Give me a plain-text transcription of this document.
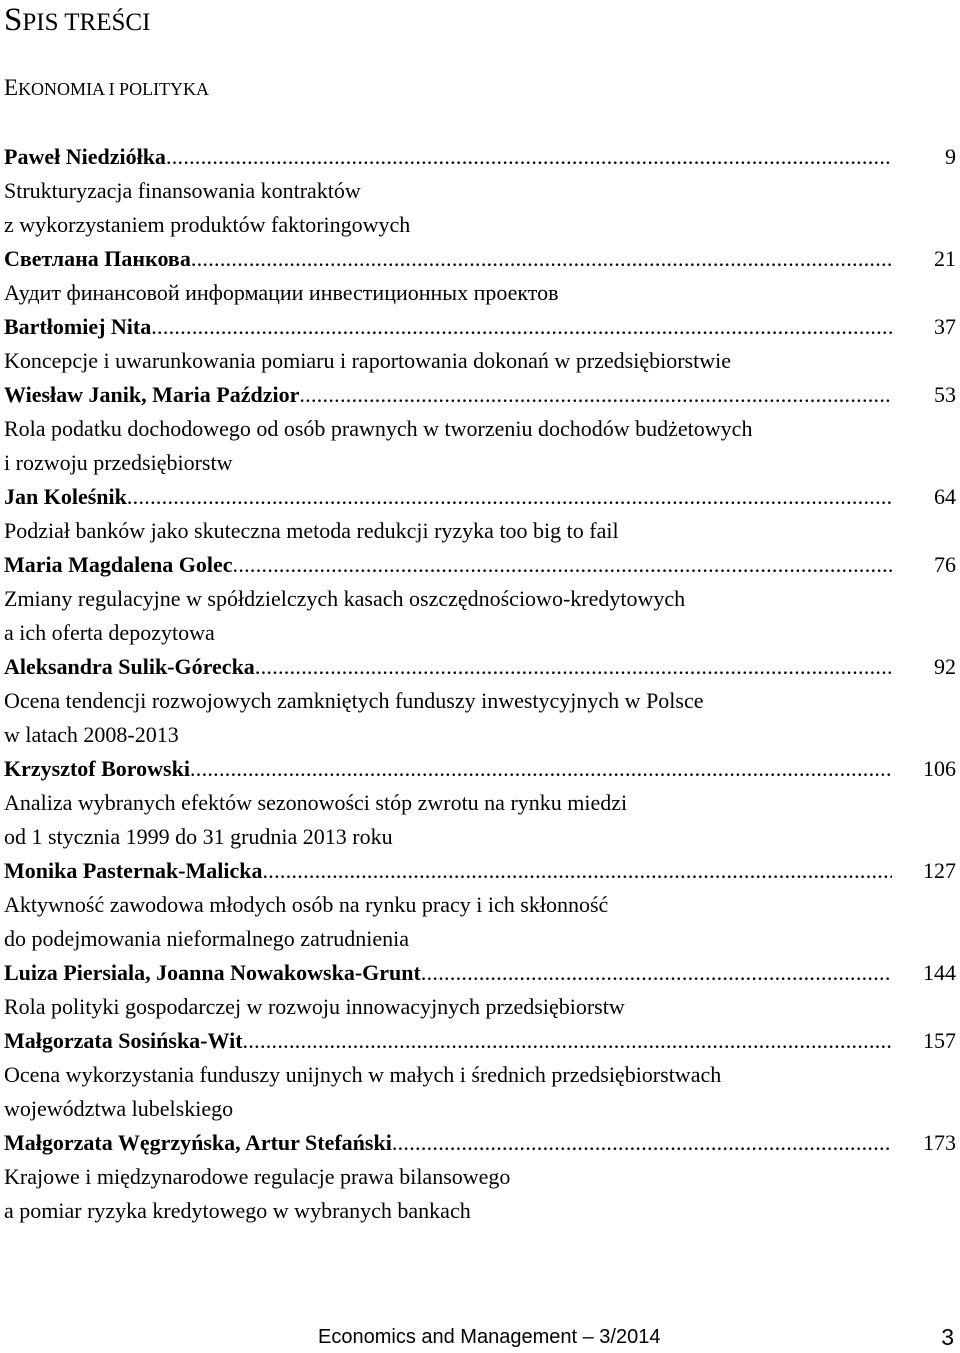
SPIS TREŚCI
EKONOMIA I POLITYKA
Paweł Niedziółka .....	9
Strukturyzacja finansowania kontraktów
z wykorzystaniem produktów faktoringowych
Светлана Панкова .....	21
Аудит финансовой информации инвестиционных проектов
Bartłomiej Nita .....	37
Koncepcje i uwarunkowania pomiaru i raportowania dokonań w przedsiębiorstwie
Wiesław Janik, Maria Paździor .....	53
Rola podatku dochodowego od osób prawnych w tworzeniu dochodów budżetowych
i rozwoju przedsiębiorstw
Jan Koleśnik .....	64
Podział banków jako skuteczna metoda redukcji ryzyka too big to fail
Maria Magdalena Golec .....	76
Zmiany regulacyjne w spółdzielczych kasach oszczędnościowo-kredytowych
a ich oferta depozytowa
Aleksandra Sulik-Górecka .....	92
Ocena tendencji rozwojowych zamkniętych funduszy inwestycyjnych w Polsce
w latach 2008-2013
Krzysztof Borowski .....	106
Analiza wybranych efektów sezonowości stóp zwrotu na rynku miedzi
od 1 stycznia 1999 do 31 grudnia 2013 roku
Monika Pasternak-Malicka .....	127
Aktywność zawodowa młodych osób na rynku pracy i ich skłonność
do podejmowania nieformalnego zatrudnienia
Luiza Piersiala, Joanna Nowakowska-Grunt .....	144
Rola polityki gospodarczej w rozwoju innowacyjnych przedsiębiorstw
Małgorzata Sosińska-Wit .....	157
Ocena wykorzystania funduszy unijnych w małych i średnich przedsiębiorstwach
województwa lubelskiego
Małgorzata Węgrzyńska, Artur Stefański .....	173
Krajowe i międzynarodowe regulacje prawa bilansowego
a pomiar ryzyka kredytowego w wybranych bankach
Economics and Management – 3/2014	3
